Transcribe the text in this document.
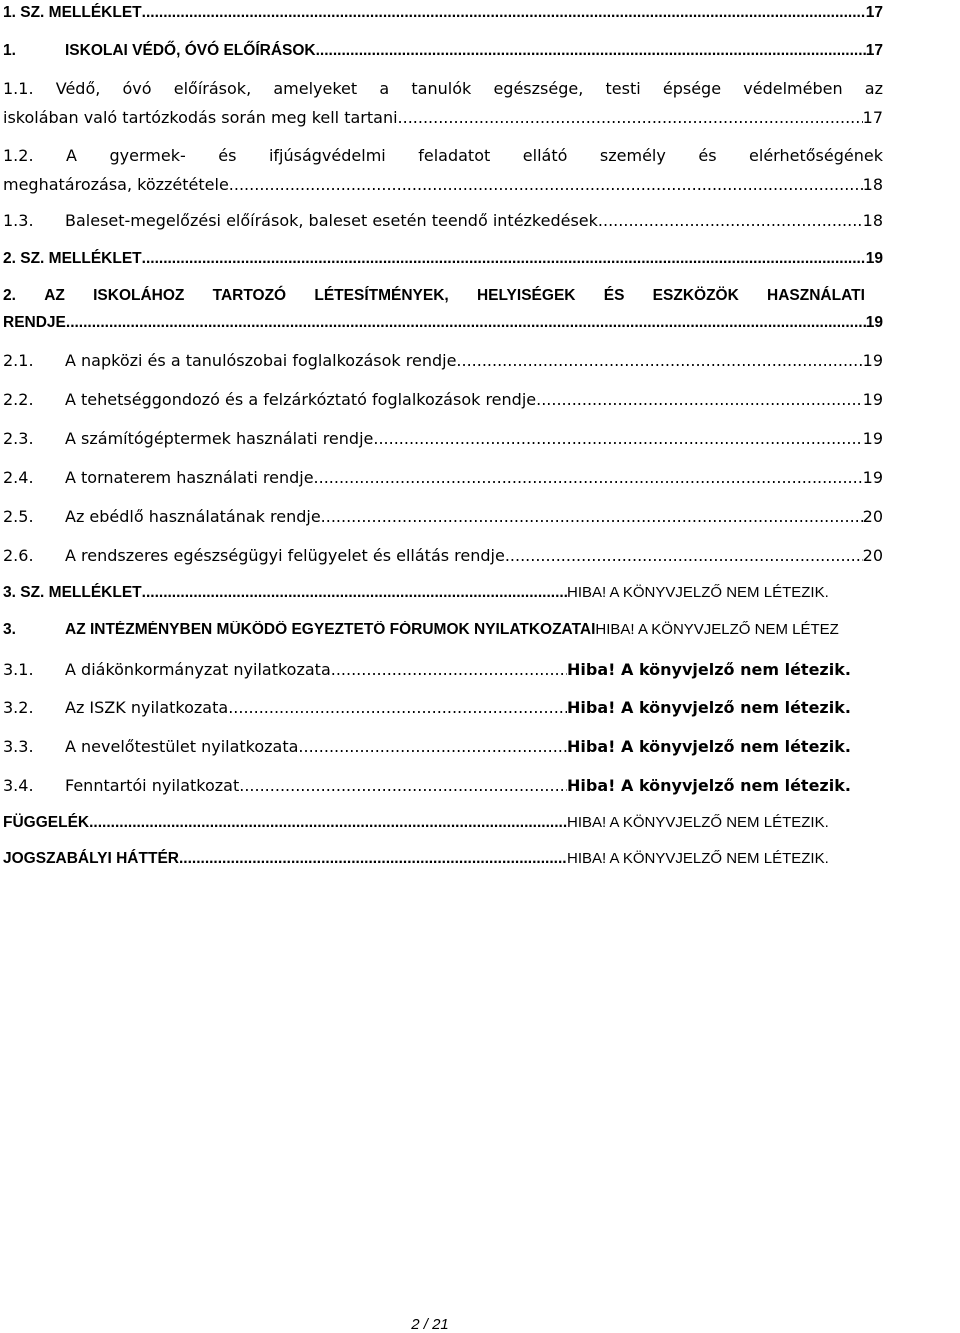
1. SZ. MELLÉKLET .....	17
1.	ISKOLAI VÉDŐ, ÓVÓ ELŐÍRÁSOK .....	17
1.1. Védő, óvó előírások, amelyeket a tanulók egészsége, testi épsége védelmében az
iskolában való tartózkodás során meg kell tartani .....	17
1.2. A gyermek- és ifjúságvédelmi feladatot ellátó személy és elérhetőségének
meghatározása, közzététele .....	18
1.3.	Baleset-megelőzési előírások, baleset esetén teendő intézkedések .....	18
2. SZ. MELLÉKLET .....	19
2. AZ ISKOLÁHOZ TARTOZÓ LÉTESÍTMÉNYEK, HELYISÉGEK ÉS ESZKÖZÖK HASZNÁLATI
RENDJE .....	19
2.1.	A napközi és a tanulószobai foglalkozások rendje .....	19
2.2.	A tehetséggondozó és a felzárkóztató foglalkozások rendje .....	19
2.3.	A számítógéptermek használati rendje .....	19
2.4.	A tornaterem használati rendje .....	19
2.5.	Az ebédlő használatának rendje .....	20
2.6.	A rendszeres egészségügyi felügyelet és ellátás rendje .....	20
3. SZ. MELLÉKLET .....	HIBA! A KÖNYVJELZŐ NEM LÉTEZIK.
3.	AZ INTÉZMÉNYBEN MŰKÖDŐ EGYEZTETŐ FÓRUMOK NYILATKOZATAI HIBA! A KÖNYVJELZŐ NEM LÉTEZ
3.1.	A diákönkormányzat nyilatkozata .....	Hiba! A könyvjelző nem létezik.
3.2.	Az ISZK nyilatkozata .....	Hiba! A könyvjelző nem létezik.
3.3.	A nevelőtestület nyilatkozata .....	Hiba! A könyvjelző nem létezik.
3.4.	Fenntartói nyilatkozat .....	Hiba! A könyvjelző nem létezik.
FÜGGELÉK .....	HIBA! A KÖNYVJELZŐ NEM LÉTEZIK.
JOGSZABÁLYI HÁTTÉR .....	HIBA! A KÖNYVJELZŐ NEM LÉTEZIK.
2 / 21
